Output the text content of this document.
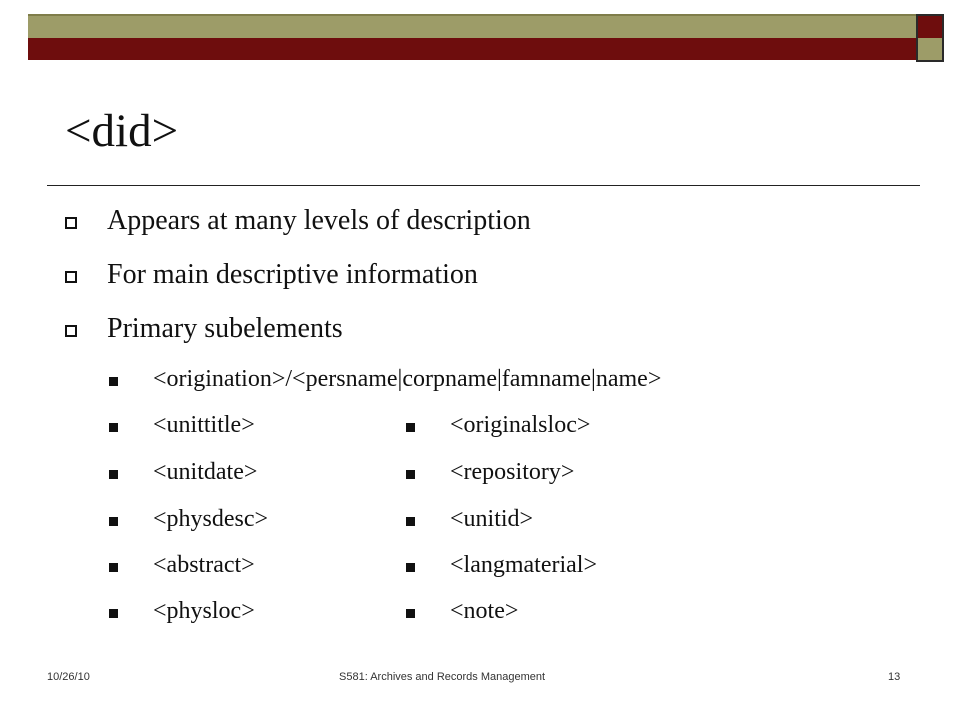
<did>
Appears at many levels of description
For main descriptive information
Primary subelements
<origination>/<persname|corpname|famname|name>
<unittitle>
<unitdate>
<physdesc>
<abstract>
<physloc>
<originalsloc>
<repository>
<unitid>
<langmaterial>
<note>
10/26/10	S581: Archives and Records Management	13
